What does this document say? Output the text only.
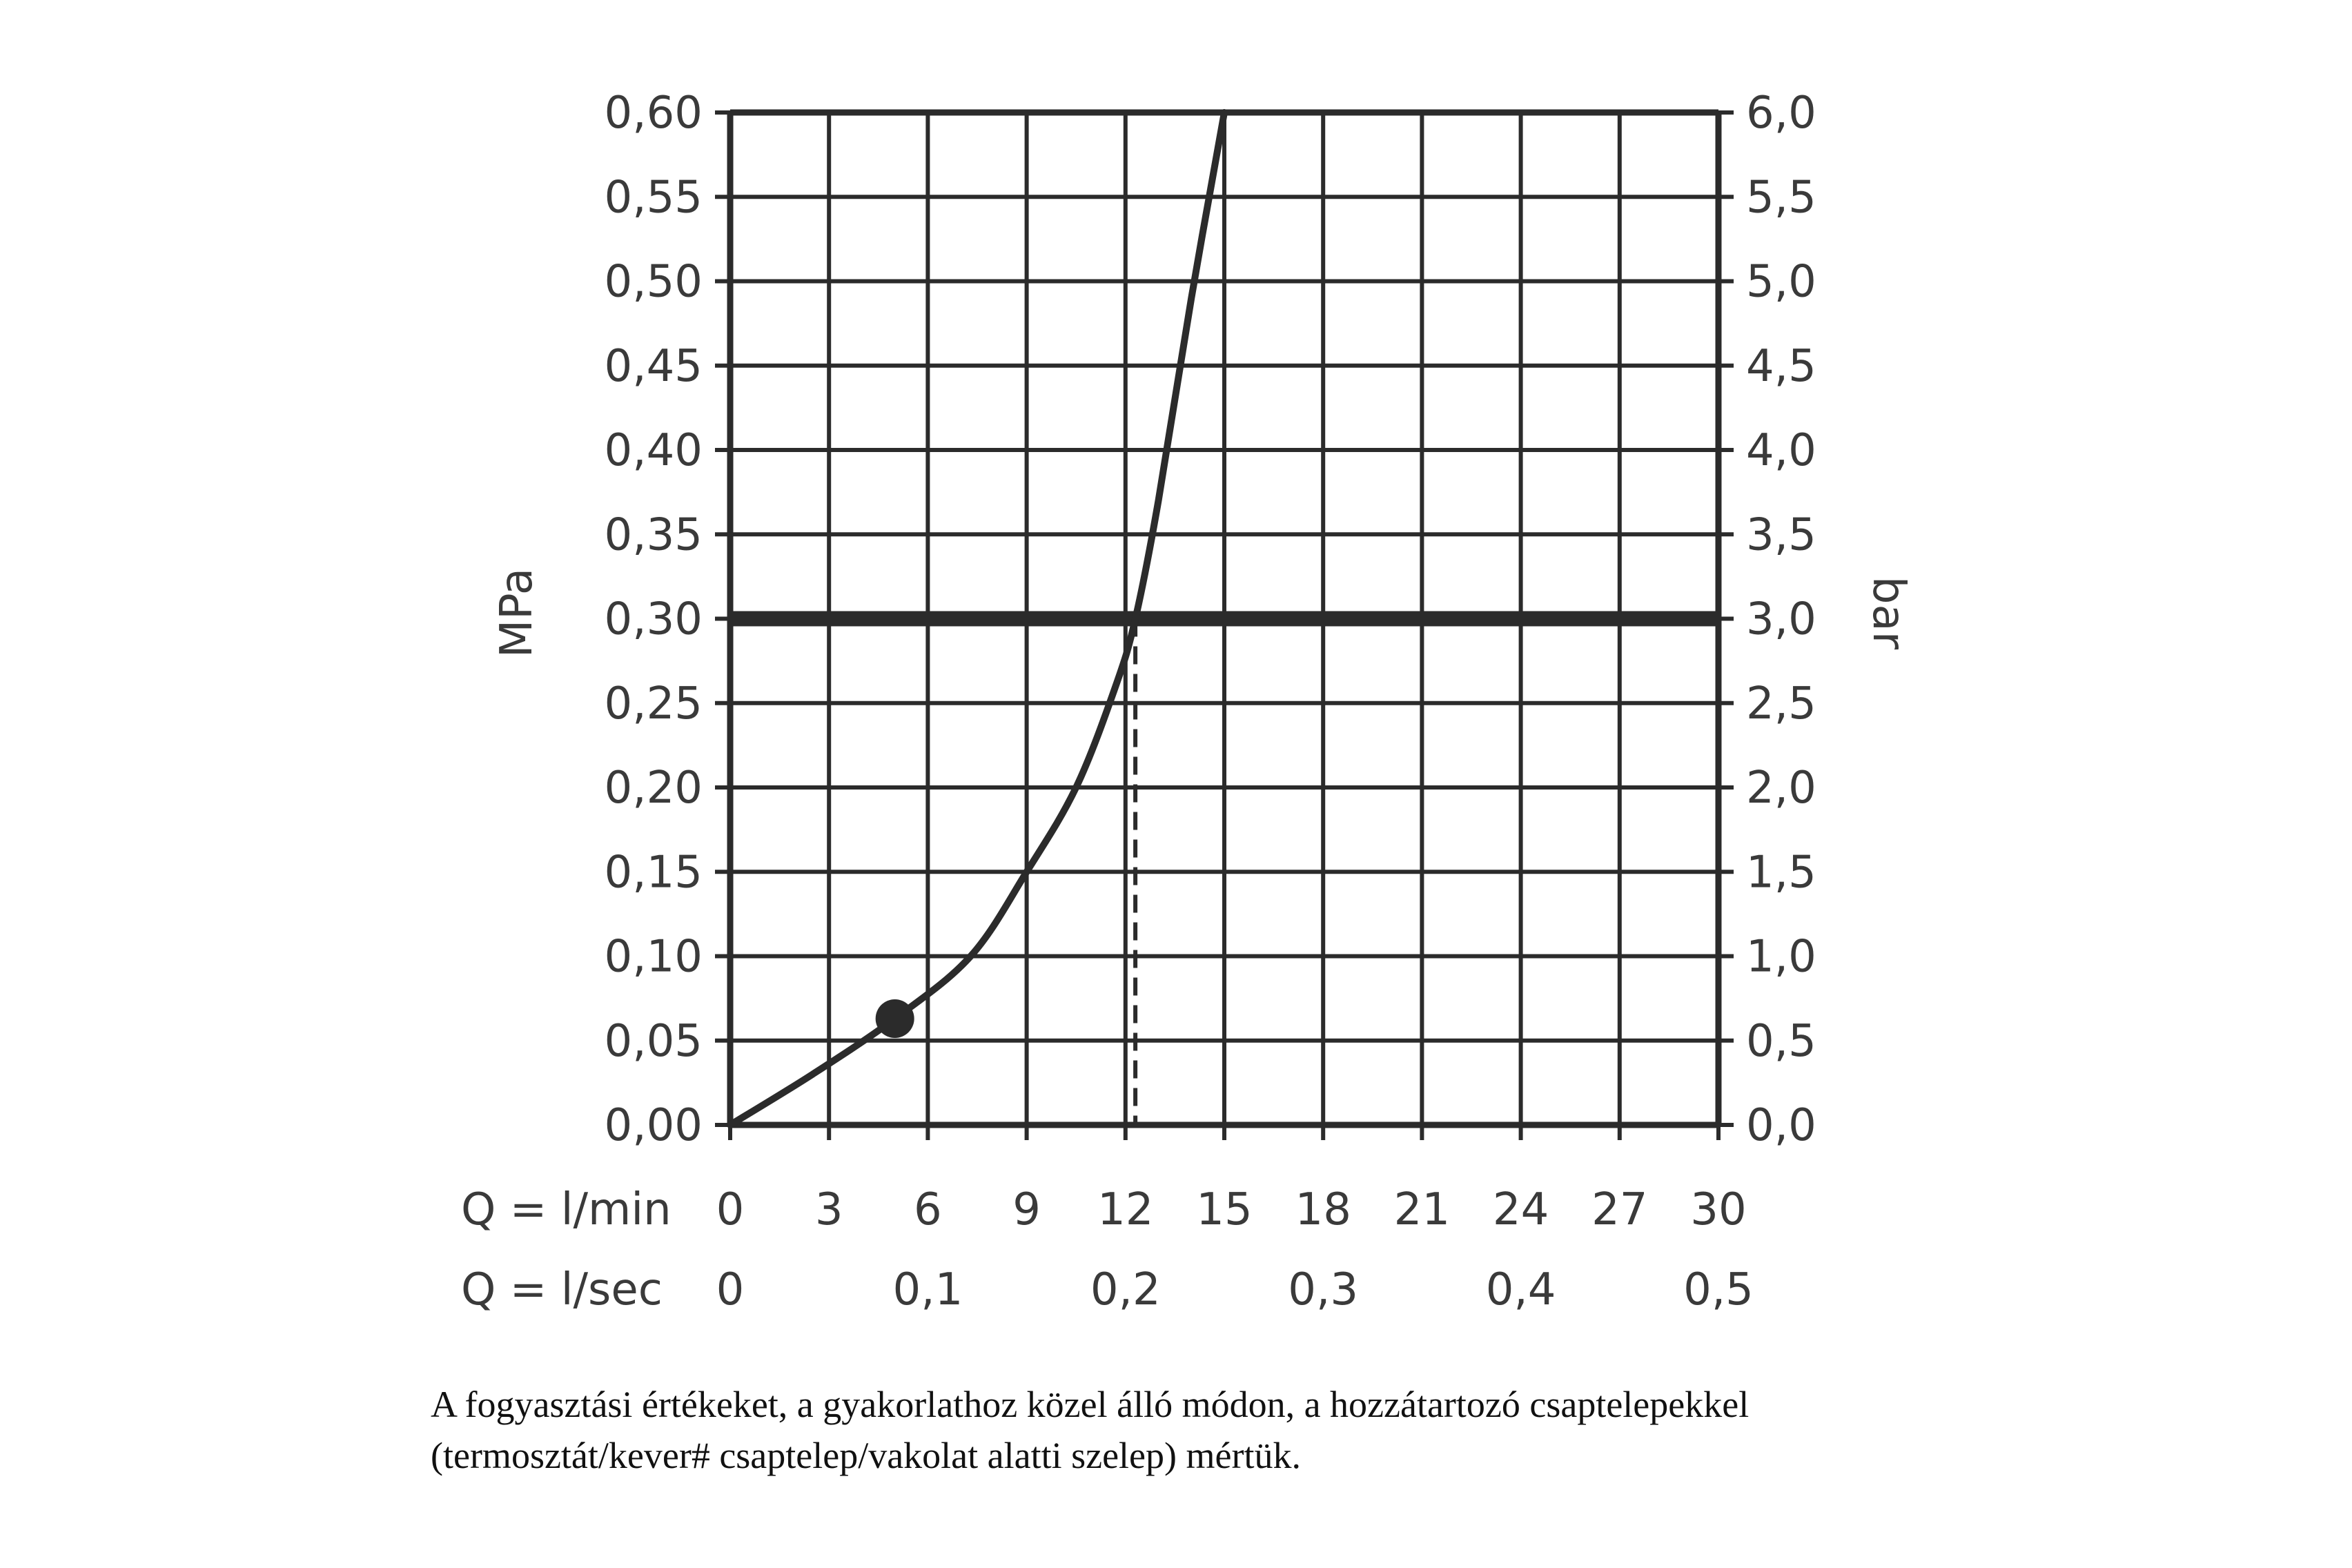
0,00	0,0
0,05	0,5
0,10	1,0
0,15	1,5
0,20	2,0
0,25	2,5
0,30	3,0
0,35	3,5
0,40	4,0
0,45	4,5
0,50	5,0
0,55	5,5
0,60	6,0
0 3 6 9 12 15 18 21 24 27 30
0	0,1	0,2	0,3	0,4	0,5
MPa	bar
Q = l/min
Q = l/sec
A fogyasztási értékeket, a gyakorlathoz közel álló módon, a hozzátartozó csaptelepekkel
(termosztát/kever# csaptelep/vakolat alatti szelep) mértük.
